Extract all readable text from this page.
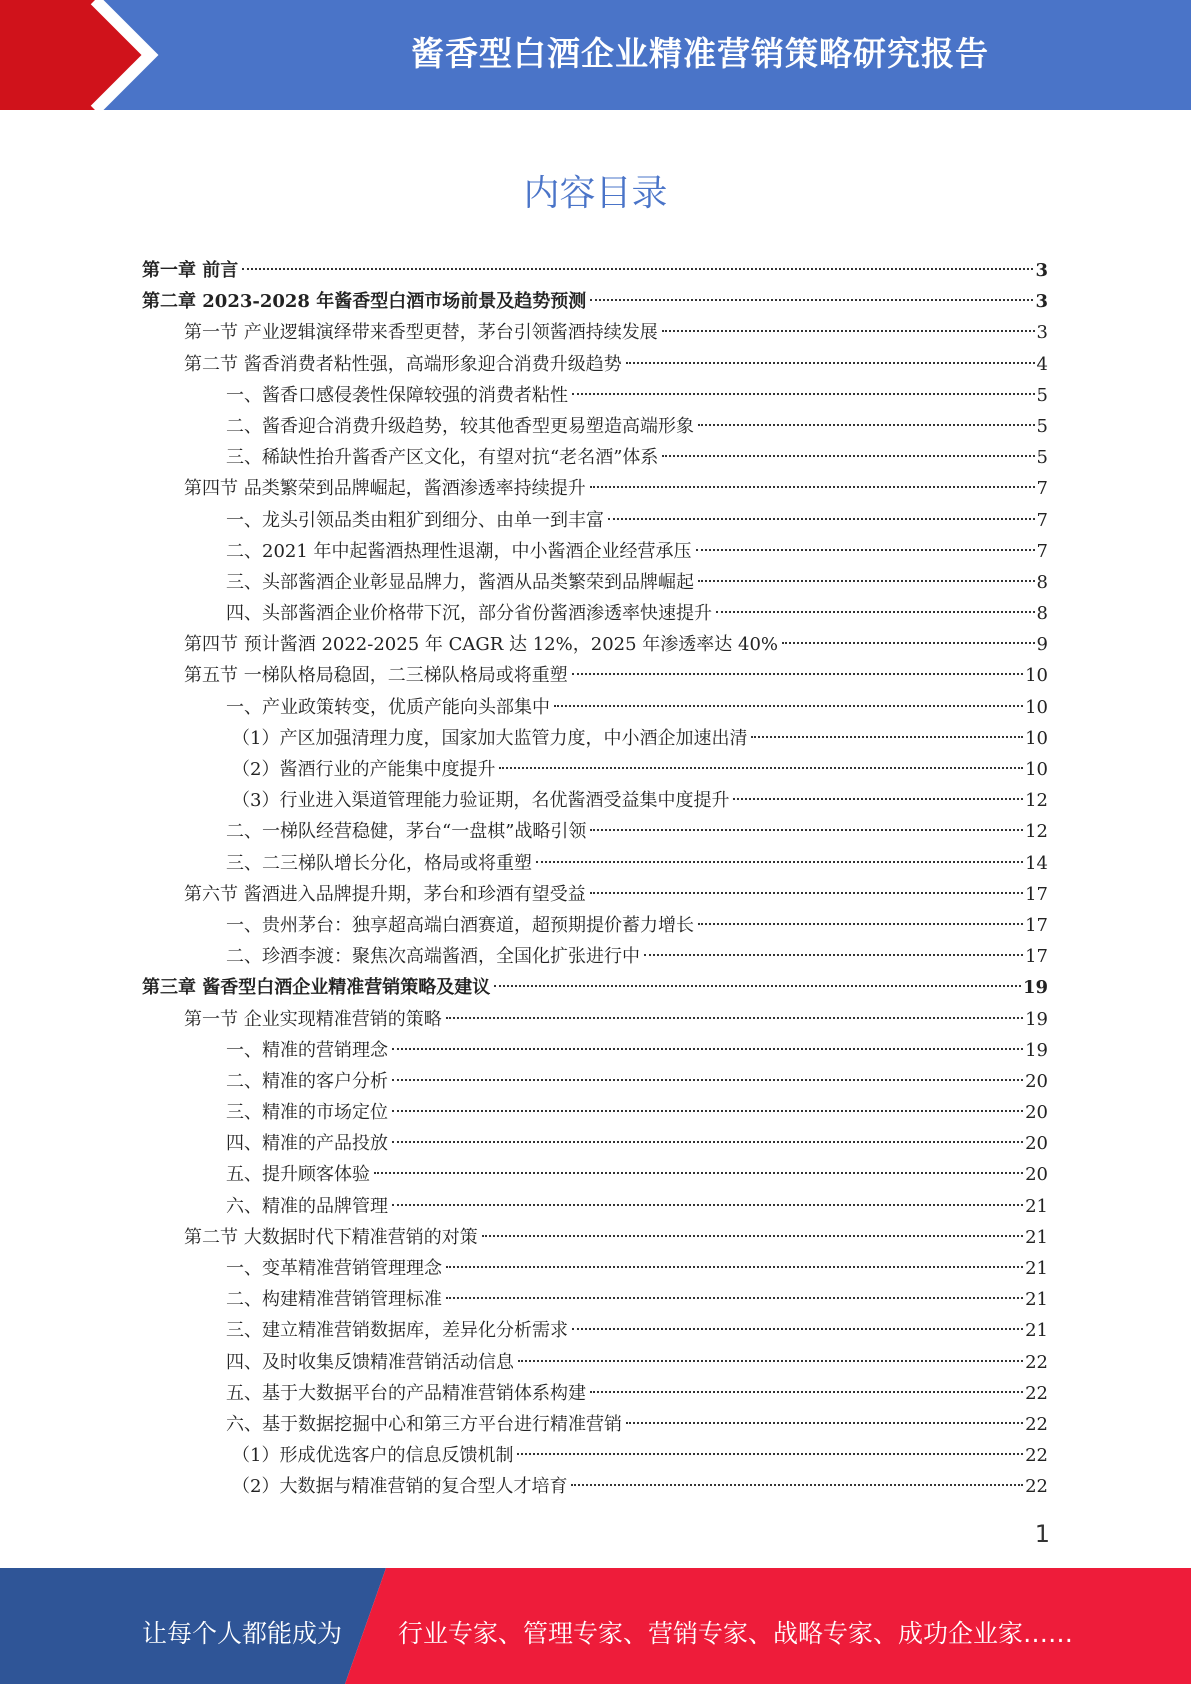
酱香型白酒企业精准营销策略研究报告
内容目录
第一章 前言	3
第二章 2023-2028 年酱香型白酒市场前景及趋势预测	3
第一节 产业逻辑演绎带来香型更替，茅台引领酱酒持续发展	3
第二节 酱香消费者粘性强，高端形象迎合消费升级趋势	4
一、酱香口感侵袭性保障较强的消费者粘性	5
二、酱香迎合消费升级趋势，较其他香型更易塑造高端形象	5
三、稀缺性抬升酱香产区文化，有望对抗“老名酒”体系	5
第四节 品类繁荣到品牌崛起，酱酒渗透率持续提升	7
一、龙头引领品类由粗犷到细分、由单一到丰富	7
二、2021 年中起酱酒热理性退潮，中小酱酒企业经营承压	7
三、头部酱酒企业彰显品牌力，酱酒从品类繁荣到品牌崛起	8
四、头部酱酒企业价格带下沉，部分省份酱酒渗透率快速提升	8
第四节 预计酱酒 2022-2025 年 CAGR 达 12%，2025 年渗透率达 40%	9
第五节 一梯队格局稳固，二三梯队格局或将重塑	10
一、产业政策转变，优质产能向头部集中	10
（1）产区加强清理力度，国家加大监管力度，中小酒企加速出清	10
（2）酱酒行业的产能集中度提升	10
（3）行业进入渠道管理能力验证期，名优酱酒受益集中度提升	12
二、一梯队经营稳健，茅台“一盘棋”战略引领	12
三、二三梯队增长分化，格局或将重塑	14
第六节 酱酒进入品牌提升期，茅台和珍酒有望受益	17
一、贵州茅台：独享超高端白酒赛道，超预期提价蓄力增长	17
二、珍酒李渡：聚焦次高端酱酒，全国化扩张进行中	17
第三章 酱香型白酒企业精准营销策略及建议	19
第一节 企业实现精准营销的策略	19
一、精准的营销理念	19
二、精准的客户分析	20
三、精准的市场定位	20
四、精准的产品投放	20
五、提升顾客体验	20
六、精准的品牌管理	21
第二节 大数据时代下精准营销的对策	21
一、变革精准营销管理理念	21
二、构建精准营销管理标准	21
三、建立精准营销数据库，差异化分析需求	21
四、及时收集反馈精准营销活动信息	22
五、基于大数据平台的产品精准营销体系构建	22
六、基于数据挖掘中心和第三方平台进行精准营销	22
（1）形成优选客户的信息反馈机制	22
（2）大数据与精准营销的复合型人才培育	22
1
让每个人都能成为 行业专家、管理专家、营销专家、战略专家、成功企业家……
